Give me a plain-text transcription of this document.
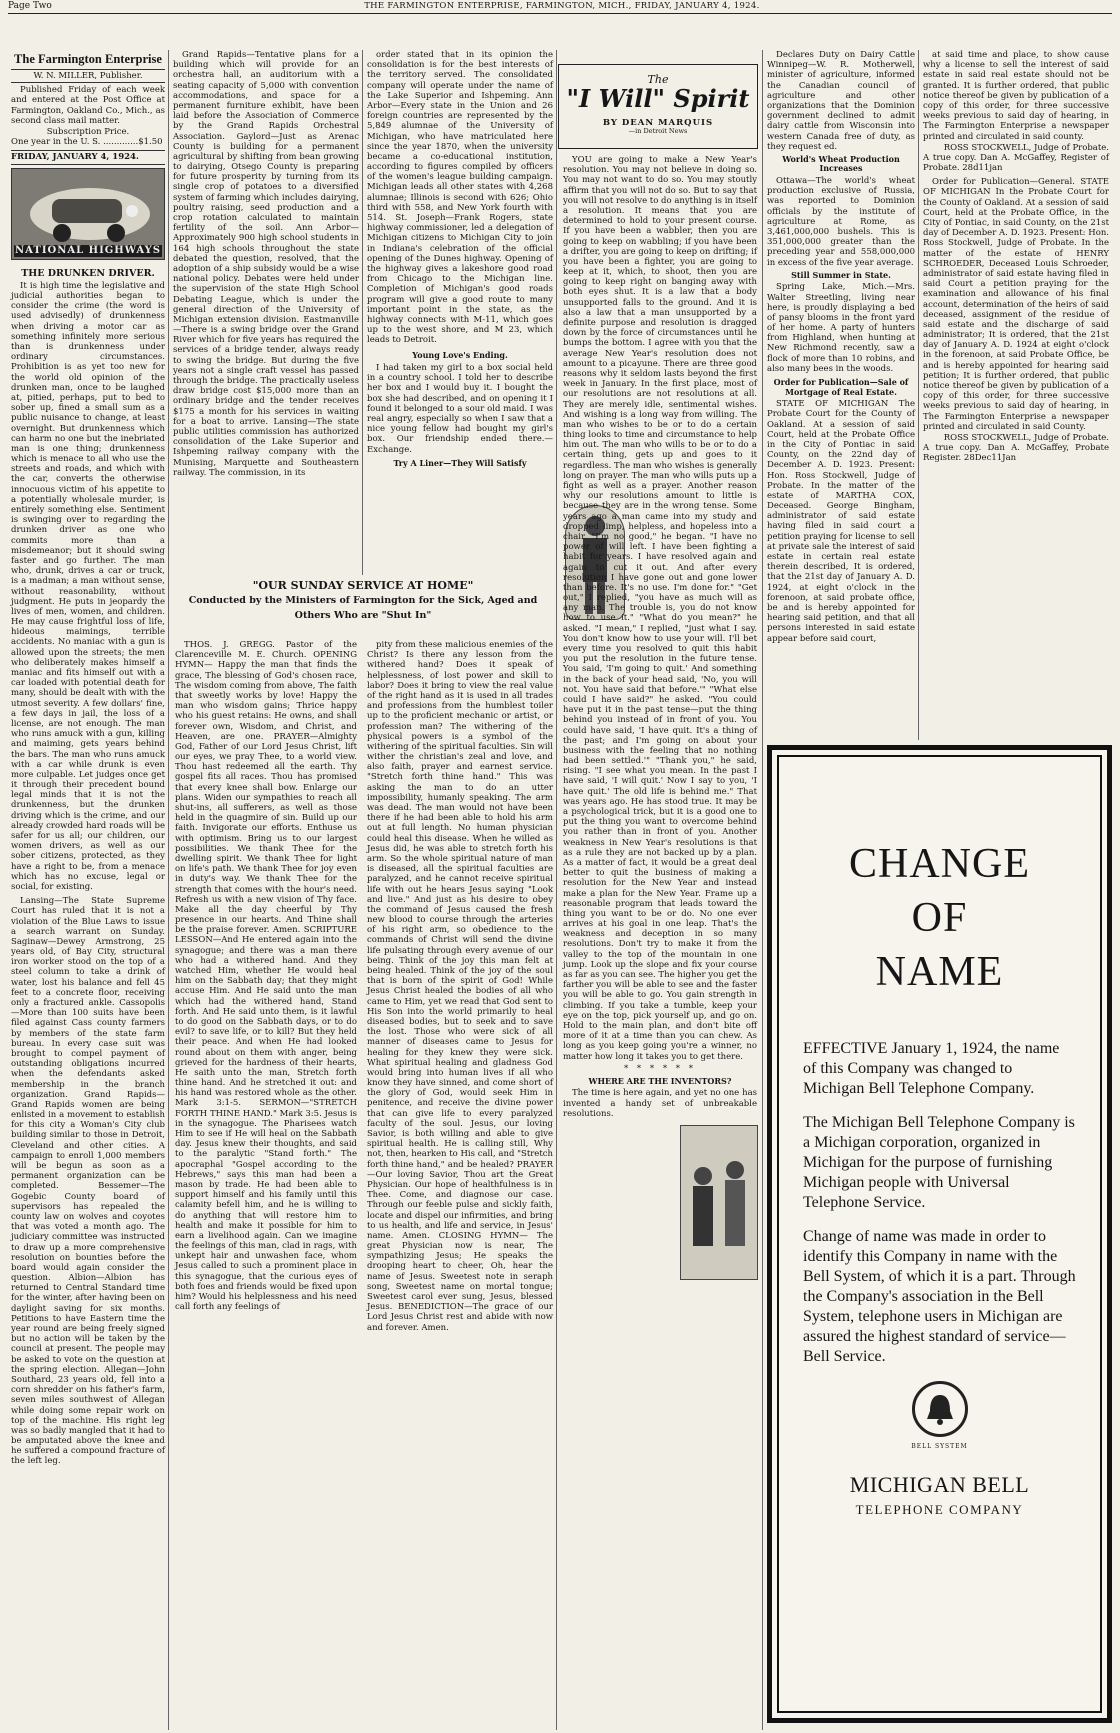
Page Two	THE FARMINGTON ENTERPRISE, FARMINGTON, MICH., FRIDAY, JANUARY 4, 1924.
The Farmington Enterprise
W. N. MILLER, Publisher.
Published Friday of each week and entered at the Post Office at Farmington, Oakland Co., Mich., as second class mail matter.
Subscription Price.
One year in the U. S. .............$1.50
FRIDAY, JANUARY 4, 1924.
NATIONAL HIGHWAYS
THE DRUNKEN DRIVER.
It is high time the legislative and judicial authorities began to consider the crime (the word is used advisedly) of drunkenness when driving a motor car as something infinitely more serious than is drunkenness under ordinary circumstances. Prohibition is as yet too new for the world old opinion of the drunken man, once to be laughed at, pitied, perhaps, put to bed to sober up, fined a small sum as a public nuisance to change, at least overnight. But drunkenness which can harm no one but the inebriated man is one thing; drunkenness which is menace to all who use the streets and roads, and which with the car, converts the otherwise innocuous victim of his appetite to a potentially wholesale murder, is entirely something else. Sentiment is swinging over to regarding the drunken driver as one who commits more than a misdemeanor; but it should swing faster and go further. The man who, drunk, drives a car or truck, is a madman; a man without sense, without reasonability, without judgment. He puts in jeopardy the lives of men, women, and children. He may cause frightful loss of life, hideous maimings, terrible accidents. No maniac with a gun is allowed upon the streets; the men who deliberately makes himself a maniac and fits himself out with a car loaded with potential death for many, should be dealt with with the utmost severity. A few dollars' fine, a few days in jail, the loss of a license, are not enough. The man who runs amuck with a gun, killing and maiming, gets years behind the bars. The man who runs amuck with a car while drunk is even more culpable. Let judges once get it through their precedent bound legal minds that it is not the drunkenness, but the drunken driving which is the crime, and our already crowded hard roads will be safer for us all; our children, our women drivers, as well as our sober citizens, protected, as they have a right to be, from a menace which has no excuse, legal or social, for existing.
Lansing—The State Supreme Court has ruled that it is not a violation of the Blue Laws to issue a search warrant on Sunday. Saginaw—Dewey Armstrong, 25 years old, of Bay City, structural iron worker stood on the top of a steel column to take a drink of water, lost his balance and fell 45 feet to a concrete floor, receiving only a fractured ankle. Cassopolis—More than 100 suits have been filed against Cass county farmers by members of the state farm bureau. In every case suit was brought to compel payment of outstanding obligations incurred when the defendants asked membership in the branch organization. Grand Rapids—Grand Rapids women are being enlisted in a movement to establish for this city a Woman's City club building similar to those in Detroit, Cleveland and other cities. A campaign to enroll 1,000 members will be begun as soon as a permanent organization can be completed. Bessemer—The Gogebic County board of supervisors has repealed the county law on wolves and coyotes that was voted a month ago. The judiciary committee was instructed to draw up a more comprehensive resolution on bounties before the board would again consider the question. Albion—Albion has returned to Central Standard time for the winter, after having been on daylight saving for six months. Petitions to have Eastern time the year round are being freely signed but no action will be taken by the council at present. The people may be asked to vote on the question at the spring election. Allegan—John Southard, 23 years old, fell into a corn shredder on his father's farm, seven miles southwest of Allegan while doing some repair work on top of the machine. His right leg was so badly mangled that it had to be amputated above the knee and he suffered a compound fracture of the left leg.
Grand Rapids—Tentative plans for a building which will provide for an orchestra hall, an auditorium with a seating capacity of 5,000 with convention accommodations, and space for a permanent furniture exhibit, have been laid before the Association of Commerce by the Grand Rapids Orchestral Association. Gaylord—Just as Arenac County is building for a permanent agricultural by shifting from bean growing to dairying, Otsego County is preparing for future prosperity by turning from its single crop of potatoes to a diversified system of farming which includes dairying, poultry raising, seed production and a crop rotation calculated to maintain fertility of the soil. Ann Arbor—Approximately 900 high school students in 164 high schools throughout the state debated the question, resolved, that the adoption of a ship subsidy would be a wise national policy. Debates were held under the supervision of the state High School Debating League, which is under the general direction of the University of Michigan extension division. Eastmanville—There is a swing bridge over the Grand River which for five years has required the services of a bridge tender, always ready to swing the bridge. But during the five years not a single craft vessel has passed through the bridge. The practically useless draw bridge cost $15,000 more than an ordinary bridge and the tender receives $175 a month for his services in waiting for a boat to arrive. Lansing—The state public utilities commission has authorized consolidation of the Lake Superior and Ishpeming railway company with the Munising, Marquette and Southeastern railway. The commission, in its
order stated that in its opinion the consolidation is for the best interests of the territory served. The consolidated company will operate under the name of the Lake Superior and Ishpeming. Ann Arbor—Every state in the Union and 26 foreign countries are represented by the 5,849 alumnae of the University of Michigan, who have matriculated here since the year 1870, when the university became a co-educational institution, according to figures compiled by officers of the women's league building campaign. Michigan leads all other states with 4,268 alumnae; Illinois is second with 626; Ohio third with 558, and New York fourth with 514. St. Joseph—Frank Rogers, state highway commissioner, led a delegation of Michigan citizens to Michigan City to join in Indiana's celebration of the official opening of the Dunes highway. Opening of the highway gives a lakeshore good road from Chicago to the Michigan line. Completion of Michigan's good roads program will give a good route to many important point in the state, as the highway connects with M-11, which goes up to the west shore, and M 23, which leads to Detroit.
Young Love's Ending.
I had taken my girl to a box social held in a country school. I told her to describe her box and I would buy it. I bought the box she had described, and on opening it I found it belonged to a sour old maid. I was real angry, especially so when I saw that a nice young fellow had bought my girl's box. Our friendship ended there.—Exchange.
Try A Liner—They Will Satisfy
"OUR SUNDAY SERVICE AT HOME"
Conducted by the Ministers of Farmington for the Sick, Aged and Others Who are "Shut In"
THOS. J. GREGG. Pastor of the Clarenceville M. E. Church. OPENING HYMN— Happy the man that finds the grace, The blessing of God's chosen race, The wisdom coming from above, The faith that sweetly works by love! Happy the man who wisdom gains; Thrice happy who his guest retains: He owns, and shall forever own, Wisdom, and Christ, and Heaven, are one. PRAYER—Almighty God, Father of our Lord Jesus Christ, lift our eyes, we pray Thee, to a world view. Thou hast redeemed all the earth. Thy gospel fits all races. Thou has promised that every knee shall bow. Enlarge our plans. Widen our sympathies to reach all shut-ins, all sufferers, as well as those held in the quagmire of sin. Build up our faith. Invigorate our efforts. Enthuse us with optimism. Bring us to our largest possibilities. We thank Thee for the dwelling spirit. We thank Thee for light on life's path. We thank Thee for joy even in duty's way. We thank Thee for the strength that comes with the hour's need. Refresh us with a new vision of Thy face. Make all the day cheerful by Thy presence in our hearts. And Thine shall be the praise forever. Amen. SCRIPTURE LESSON—And He entered again into the synagogue; and there was a man there who had a withered hand. And they watched Him, whether He would heal him on the Sabbath day; that they might accuse Him. And He said unto the man which had the withered hand, Stand forth. And He said unto them, is it lawful to do good on the Sabbath days, or to do evil? to save life, or to kill? But they held their peace. And when He had looked round about on them with anger, being grieved for the hardness of their hearts, He saith unto the man, Stretch forth thine hand. And he stretched it out: and his hand was restored whole as the other. Mark 3:1-5. SERMON—"STRETCH FORTH THINE HAND." Mark 3:5. Jesus is in the synagogue. The Pharisees watch Him to see if He will heal on the Sabbath day. Jesus knew their thoughts, and said to the paralytic "Stand forth." The apocraphal "Gospel according to the Hebrews," says this man had been a mason by trade. He had been able to support himself and his family until this calamity befell him, and he is willing to do anything that will restore him to health and make it possible for him to earn a livelihood again. Can we imagine the feelings of this man, clad in rags, with unkept hair and unwashen face, whom Jesus called to such a prominent place in this synagogue, that the curious eyes of both foes and friends would be fixed upon him? Would his helplessness and his need call forth any feelings of
pity from these malicious enemies of the Christ? Is there any lesson from the withered hand? Does it speak of helplessness, of lost power and skill to labor? Does it bring to view the real value of the right hand as it is used in all trades and professions from the humblest toiler up to the proficient mechanic or artist, or profession man? The withering of the physical powers is a symbol of the withering of the spiritual faculties. Sin will wither the christian's zeal and love, and also faith, prayer and earnest service. "Stretch forth thine hand." This was asking the man to do an utter impossibility, humanly speaking. The arm was dead. The man would not have been there if he had been able to hold his arm out at full length. No human physician could heal this disease. When he willed as Jesus did, he was able to stretch forth his arm. So the whole spiritual nature of man is diseased, all the spiritual faculties are paralyzed, and he cannot receive spiritual life with out he hears Jesus saying "Look and live." And just as his desire to obey the command of Jesus caused the fresh new blood to course through the arteries of his right arm, so obedience to the commands of Christ will send the divine life pulsating through every avenue of our being. Think of the joy this man felt at being healed. Think of the joy of the soul that is born of the spirit of God! While Jesus Christ healed the bodies of all who came to Him, yet we read that God sent to His Son into the world primarily to heal diseased bodies, but to seek and to save the lost. Those who were sick of all manner of diseases came to Jesus for healing for they knew they were sick. What spiritual healing and gladness God would bring into human lives if all who know they have sinned, and come short of the glory of God, would seek Him in penitence, and receive the divine power that can give life to every paralyzed faculty of the soul. Jesus, our loving Savior, is both willing and able to give spiritual health. He is calling still, Why not, then, hearken to His call, and "Stretch forth thine hand," and be healed? PRAYER—Our loving Savior, Thou art the Great Physician. Our hope of healthfulness is in Thee. Come, and diagnose our case. Through our feeble pulse and sickly faith, locate and dispel our infirmities, and bring to us health, and life and service, in Jesus' name. Amen. CLOSING HYMN— The great Physician now is near, The sympathizing Jesus; He speaks the drooping heart to cheer, Oh, hear the name of Jesus. Sweetest note in seraph song, Sweetest name on mortal tongue; Sweetest carol ever sung, Jesus, blessed Jesus. BENEDICTION—The grace of our Lord Jesus Christ rest and abide with now and forever. Amen.
The
"I Will" Spirit
BY DEAN MARQUIS
—in Detroit News
YOU are going to make a New Year's resolution. You may not believe in doing so. You may not want to do so. You may stoutly affirm that you will not do so. But to say that you will not resolve to do anything is in itself a resolution. It means that you are determined to hold to your present course. If you have been a wabbler, then you are going to keep on wabbling; if you have been a drifter, you are going to keep on drifting; if you have been a fighter, you are going to keep at it, which, to shoot, then you are going to keep right on banging away with both eyes shut. It is a law that a body unsupported falls to the ground. And it is also a law that a man unsupported by a definite purpose and resolution is dragged down by the force of circumstances until he bumps the bottom. I agree with you that the average New Year's resolution does not amount to a picayune. There are three good reasons why it seldom lasts beyond the first week in January. In the first place, most of our resolutions are not resolutions at all. They are merely idle, sentimental wishes. And wishing is a long way from willing. The man who wishes to be or to do a certain thing looks to time and circumstance to help him out. The man who wills to be or to do a certain thing, gets up and goes to it regardless. The man who wishes is generally long on prayer. The man who wills puts up a fight as well as a prayer. Another reason why our resolutions amount to little is because they are in the wrong tense. Some years ago a man came into my study and dropped limp, helpless, and hopeless into a chair. "I'm no good," he began. "I have no power of will left. I have been fighting a habit for years. I have resolved again and again to cut it out. And after every resolution I have gone out and gone lower than before. It's no use. I'm done for." "Get out," I replied, "you have as much will as any man. The trouble is, you do not know how to use it." "What do you mean?" he asked. "I mean," I replied, "just what I say. You don't know how to use your will. I'll bet every time you resolved to quit this habit you put the resolution in the future tense. You said, 'I'm going to quit.' And something in the back of your head said, 'No, you will not. You have said that before.'" "What else could I have said?" he asked. "You could have put it in the past tense—put the thing behind you instead of in front of you. You could have said, 'I have quit. It's a thing of the past; and I'm going on about your business with the feeling that no nothing had been settled.'" "Thank you," he said, rising. "I see what you mean. In the past I have said, 'I will quit.' Now I say to you, 'I have quit.' The old life is behind me." That was years ago. He has stood true. It may be a psychological trick, but it is a good one to put the thing you want to overcome behind you rather than in front of you. Another weakness in New Year's resolutions is that as a rule they are not backed up by a plan. As a matter of fact, it would be a great deal better to quit the business of making a resolution for the New Year and instead make a plan for the New Year. Frame up a reasonable program that leads toward the thing you want to be or do. No one ever arrives at his goal in one leap. That's the weakness and deception in so many resolutions. Don't try to make it from the valley to the top of the mountain in one jump. Look up the slope and fix your course as far as you can see. The higher you get the farther you will be able to see and the faster you will be able to go. You gain strength in climbing. If you take a tumble, keep your eye on the top, pick yourself up, and go on. Hold to the main plan, and don't bite off more of it at a time than you can chew. As long as you keep going you're a winner, no matter how long it takes you to get there.
* * * * * *
WHERE ARE THE INVENTORS?
The time is here again, and yet no one has invented a handy set of unbreakable resolutions.
Declares Duty on Dairy Cattle Winnipeg—W. R. Motherwell, minister of agriculture, informed the Canadian council of agriculture and other organizations that the Dominion government declined to admit dairy cattle from Wisconsin into western Canada free of duty, as they request ed.
World's Wheat Production Increases
Ottawa—The world's wheat production exclusive of Russia, was reported to Dominion officials by the institute of agriculture at Rome, as 3,461,000,000 bushels. This is 351,000,000 greater than the preceding year and 558,000,000 in excess of the five year average.
Still Summer in State.
Spring Lake, Mich.—Mrs. Walter Streetling, living near here, is proudly displaying a bed of pansy blooms in the front yard of her home. A party of hunters from Highland, when hunting at New Richmond recently, saw a flock of more than 10 robins, and also many bees in the woods.
Order for Publication—Sale of Mortgage of Real Estate.
STATE OF MICHIGAN The Probate Court for the County of Oakland. At a session of said Court, held at the Probate Office in the City of Pontiac in said County, on the 22nd day of December A. D. 1923. Present: Hon. Ross Stockwell, Judge of Probate. In the matter of the estate of MARTHA COX, Deceased. George Bingham, administrator of said estate having filed in said court a petition praying for license to sell at private sale the interest of said estate in certain real estate therein described, It is ordered, that the 21st day of January A. D. 1924, at eight o'clock in the forenoon, at said probate office, be and is hereby appointed for hearing said petition, and that all persons interested in said estate appear before said court,
at said time and place, to show cause why a license to sell the interest of said estate in said real estate should not be granted. It is further ordered, that public notice thereof be given by publication of a copy of this order, for three successive weeks previous to said day of hearing, in The Farmington Enterprise a newspaper printed and circulated in said county.
ROSS STOCKWELL, Judge of Probate.
A true copy. Dan A. McGaffey, Register of Probate. 28d11jan
Order for Publication—General. STATE OF MICHIGAN In the Probate Court for the County of Oakland. At a session of said Court, held at the Probate Office, in the City of Pontiac, in said County, on the 21st day of December A. D. 1923. Present: Hon. Ross Stockwell, Judge of Probate. In the matter of the estate of HENRY SCHROEDER, Deceased Louis Schroeder, administrator of said estate having filed in said Court a petition praying for the examination and allowance of his final account, determination of the heirs of said deceased, assignment of the residue of said estate and the discharge of said administrator; It is ordered, that the 21st day of January A. D. 1924 at eight o'clock in the forenoon, at said Probate Office, be and is hereby appointed for hearing said petition; It is further ordered, that public notice thereof be given by publication of a copy of this order, for three successive weeks previous to said day of hearing, in The Farmington Enterprise a newspaper printed and circulated in said County.
ROSS STOCKWELL, Judge of Probate.
A true copy. Dan A. McGaffey, Probate Register. 28Dec11Jan
CHANGE
OF
NAME
EFFECTIVE January 1, 1924, the name of this Company was changed to Michigan Bell Telephone Company.
The Michigan Bell Telephone Company is a Michigan corporation, organized in Michigan for the purpose of furnishing Michigan people with Universal Telephone Service.
Change of name was made in order to identify this Company in name with the Bell System, of which it is a part. Through the Company's association in the Bell System, telephone users in Michigan are assured the highest standard of service—Bell Service.
BELL SYSTEM
MICHIGAN BELL
TELEPHONE COMPANY
